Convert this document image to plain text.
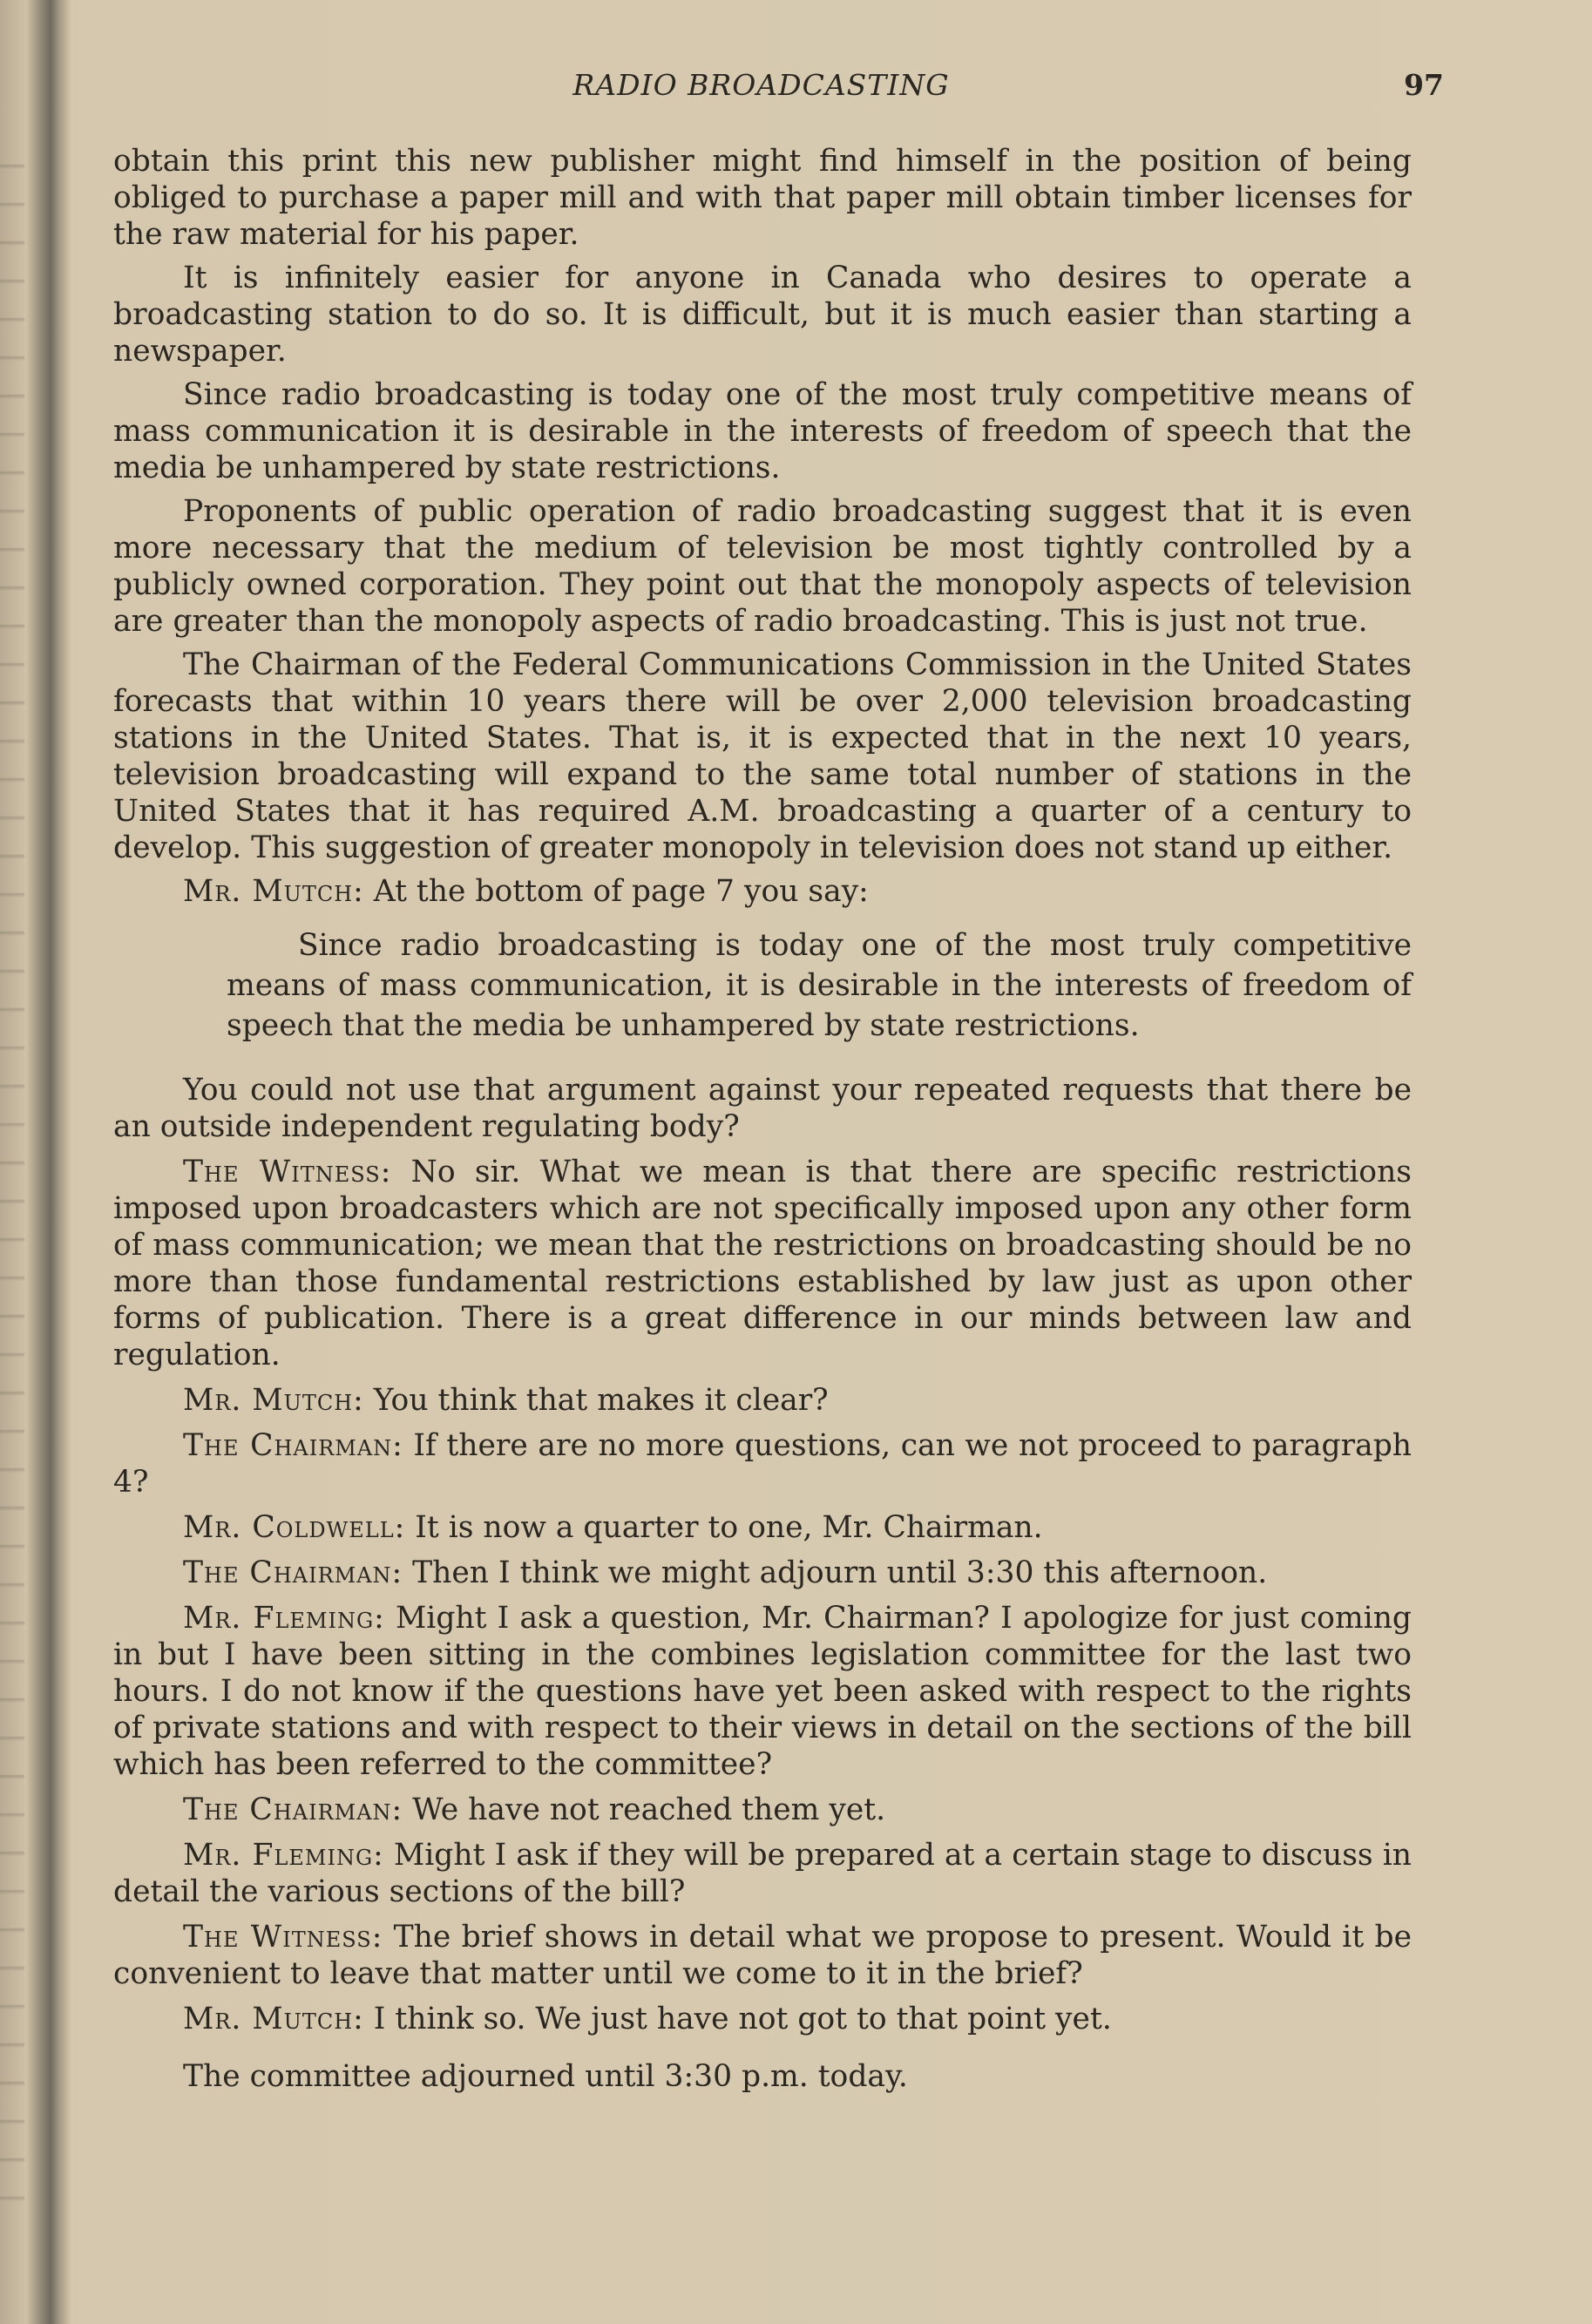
RADIO BROADCASTING	97

obtain this print this new publisher might find himself in the position of being obliged to purchase a paper mill and with that paper mill obtain timber licenses for the raw material for his paper.

It is infinitely easier for anyone in Canada who desires to operate a broadcasting station to do so. It is difficult, but it is much easier than starting a newspaper.

Since radio broadcasting is today one of the most truly competitive means of mass communication it is desirable in the interests of freedom of speech that the media be unhampered by state restrictions.

Proponents of public operation of radio broadcasting suggest that it is even more necessary that the medium of television be most tightly controlled by a publicly owned corporation. They point out that the monopoly aspects of television are greater than the monopoly aspects of radio broadcasting. This is just not true.

The Chairman of the Federal Communications Commission in the United States forecasts that within 10 years there will be over 2,000 television broadcasting stations in the United States. That is, it is expected that in the next 10 years, television broadcasting will expand to the same total number of stations in the United States that it has required A.M. broadcasting a quarter of a century to develop. This suggestion of greater monopoly in television does not stand up either.

Mr. Mutch: At the bottom of page 7 you say:

Since radio broadcasting is today one of the most truly competitive means of mass communication, it is desirable in the interests of freedom of speech that the media be unhampered by state restrictions.

You could not use that argument against your repeated requests that there be an outside independent regulating body?

The Witness: No sir. What we mean is that there are specific restrictions imposed upon broadcasters which are not specifically imposed upon any other form of mass communication; we mean that the restrictions on broadcasting should be no more than those fundamental restrictions established by law just as upon other forms of publication. There is a great difference in our minds between law and regulation.

Mr. Mutch: You think that makes it clear?

The Chairman: If there are no more questions, can we not proceed to paragraph 4?

Mr. Coldwell: It is now a quarter to one, Mr. Chairman.

The Chairman: Then I think we might adjourn until 3:30 this afternoon.

Mr. Fleming: Might I ask a question, Mr. Chairman? I apologize for just coming in but I have been sitting in the combines legislation committee for the last two hours. I do not know if the questions have yet been asked with respect to the rights of private stations and with respect to their views in detail on the sections of the bill which has been referred to the committee?

The Chairman: We have not reached them yet.

Mr. Fleming: Might I ask if they will be prepared at a certain stage to discuss in detail the various sections of the bill?

The Witness: The brief shows in detail what we propose to present. Would it be convenient to leave that matter until we come to it in the brief?

Mr. Mutch: I think so. We just have not got to that point yet.

The committee adjourned until 3:30 p.m. today.
